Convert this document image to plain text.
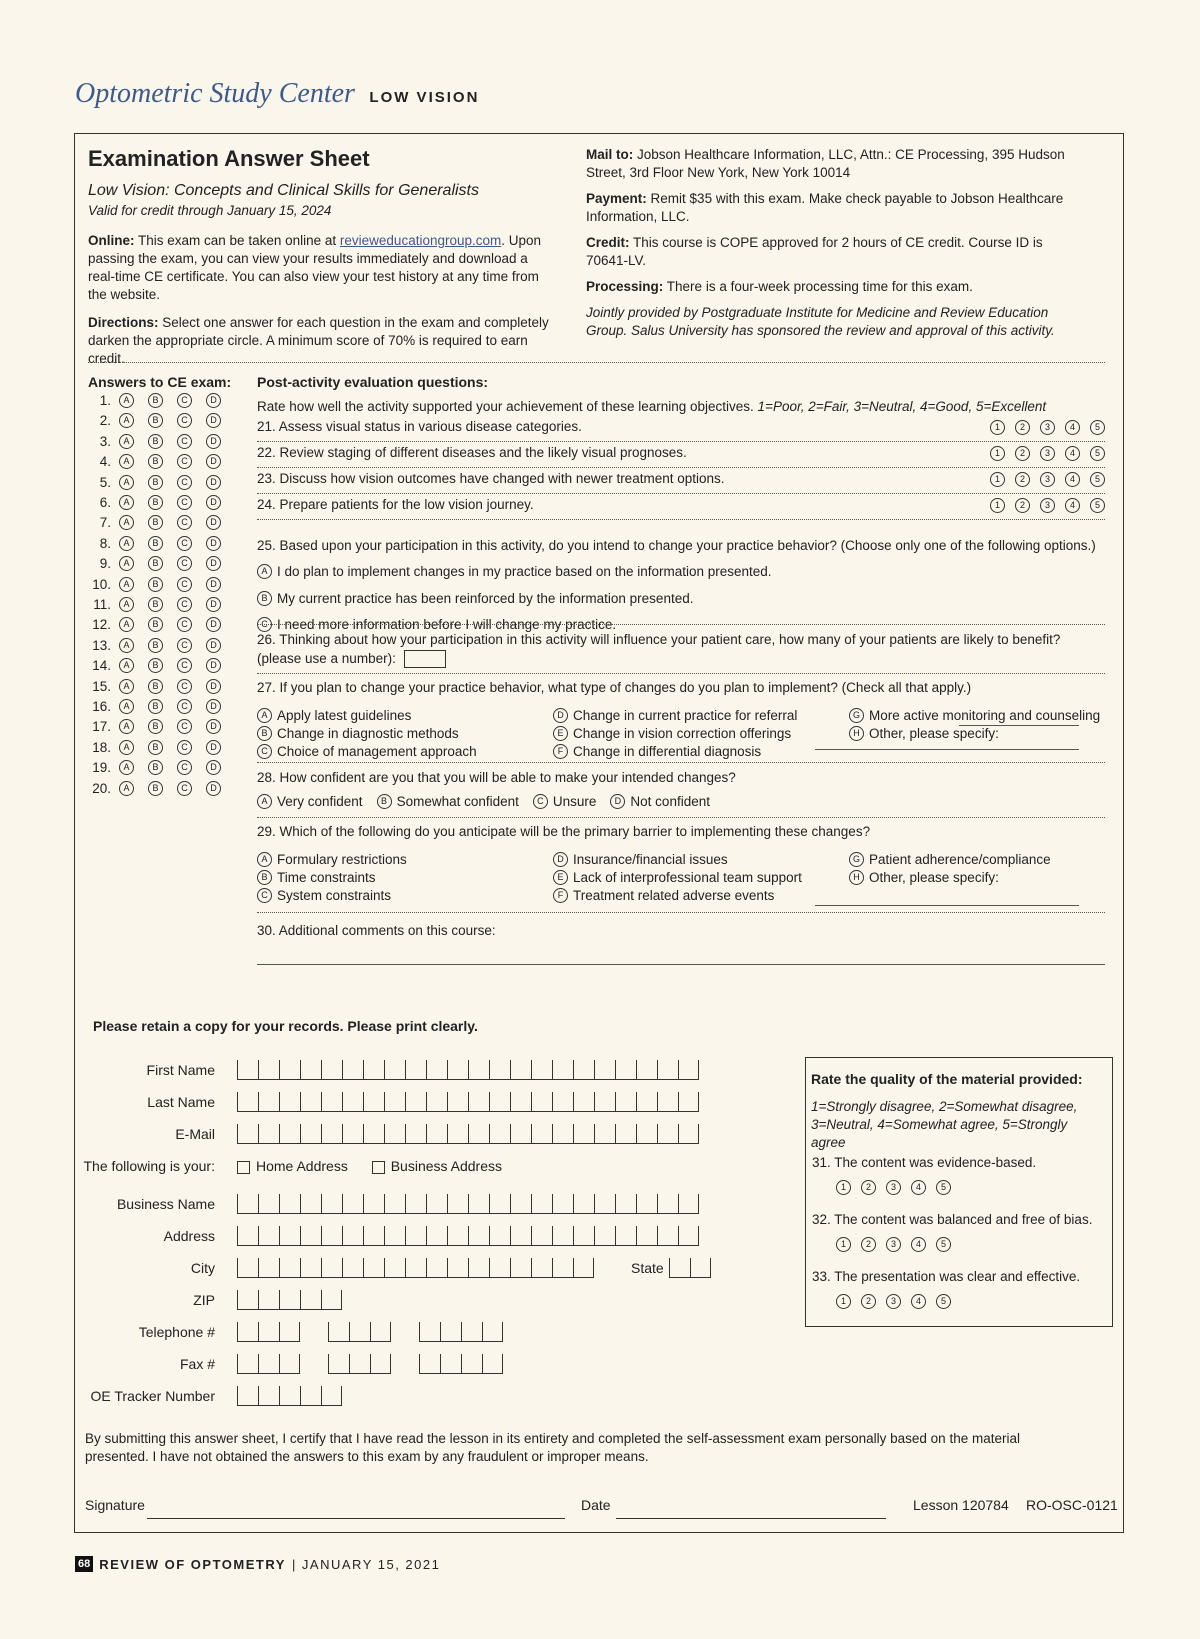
Optometric Study Center LOW VISION
Examination Answer Sheet
Low Vision: Concepts and Clinical Skills for Generalists
Valid for credit through January 15, 2024
Online: This exam can be taken online at revieweducationgroup.com. Upon passing the exam, you can view your results immediately and download a real-time CE certificate. You can also view your test history at any time from the website.
Directions: Select one answer for each question in the exam and completely darken the appropriate circle. A minimum score of 70% is required to earn credit.
Mail to: Jobson Healthcare Information, LLC, Attn.: CE Processing, 395 Hudson Street, 3rd Floor New York, New York 10014
Payment: Remit $35 with this exam. Make check payable to Jobson Healthcare Information, LLC.
Credit: This course is COPE approved for 2 hours of CE credit. Course ID is 70641-LV.
Processing: There is a four-week processing time for this exam.
Jointly provided by Postgraduate Institute for Medicine and Review Education Group. Salus University has sponsored the review and approval of this activity.
Answers to CE exam:
1.	A	B	C	D
2.	A	B	C	D
3.	A	B	C	D
4.	A	B	C	D
5.	A	B	C	D
6.	A	B	C	D
7.	A	B	C	D
8.	A	B	C	D
9.	A	B	C	D
10.	A	B	C	D
11.	A	B	C	D
12.	A	B	C	D
13.	A	B	C	D
14.	A	B	C	D
15.	A	B	C	D
16.	A	B	C	D
17.	A	B	C	D
18.	A	B	C	D
19.	A	B	C	D
20.	A	B	C	D
Post-activity evaluation questions:
Rate how well the activity supported your achievement of these learning objectives. 1=Poor, 2=Fair, 3=Neutral, 4=Good, 5=Excellent
21. Assess visual status in various disease categories.	1 2 3 4 5
22. Review staging of different diseases and the likely visual prognoses.	1 2 3 4 5
23. Discuss how vision outcomes have changed with newer treatment options.	1 2 3 4 5
24. Prepare patients for the low vision journey.	1 2 3 4 5
25. Based upon your participation in this activity, do you intend to change your practice behavior? (Choose only one of the following options.)
A I do plan to implement changes in my practice based on the information presented.
B My current practice has been reinforced by the information presented.
C I need more information before I will change my practice.
26. Thinking about how your participation in this activity will influence your patient care, how many of your patients are likely to benefit?
(please use a number):
27. If you plan to change your practice behavior, what type of changes do you plan to implement? (Check all that apply.)
A Apply latest guidelines	D Change in current practice for referral	G More active monitoring and counseling
B Change in diagnostic methods	E Change in vision correction offerings	H Other, please specify:
C Choice of management approach	F Change in differential diagnosis
28. How confident are you that you will be able to make your intended changes?
A Very confident	B Somewhat confident	C Unsure	D Not confident
29. Which of the following do you anticipate will be the primary barrier to implementing these changes?
A Formulary restrictions	D Insurance/financial issues	G Patient adherence/compliance
B Time constraints	E Lack of interprofessional team support	H Other, please specify:
C System constraints	F Treatment related adverse events
30. Additional comments on this course:
Please retain a copy for your records. Please print clearly.
First Name
Last Name
E-Mail
The following is your:	Home Address	Business Address
Business Name
Address
City	State
ZIP
Telephone #
Fax #
OE Tracker Number
Rate the quality of the material provided:
1=Strongly disagree, 2=Somewhat disagree, 3=Neutral, 4=Somewhat agree, 5=Strongly agree
31. The content was evidence-based.
1 2 3 4 5
32. The content was balanced and free of bias.
1 2 3 4 5
33. The presentation was clear and effective.
1 2 3 4 5
By submitting this answer sheet, I certify that I have read the lesson in its entirety and completed the self-assessment exam personally based on the material presented. I have not obtained the answers to this exam by any fraudulent or improper means.
Signature	Date	Lesson 120784 RO-OSC-0121
68 REVIEW OF OPTOMETRY | JANUARY 15, 2021
